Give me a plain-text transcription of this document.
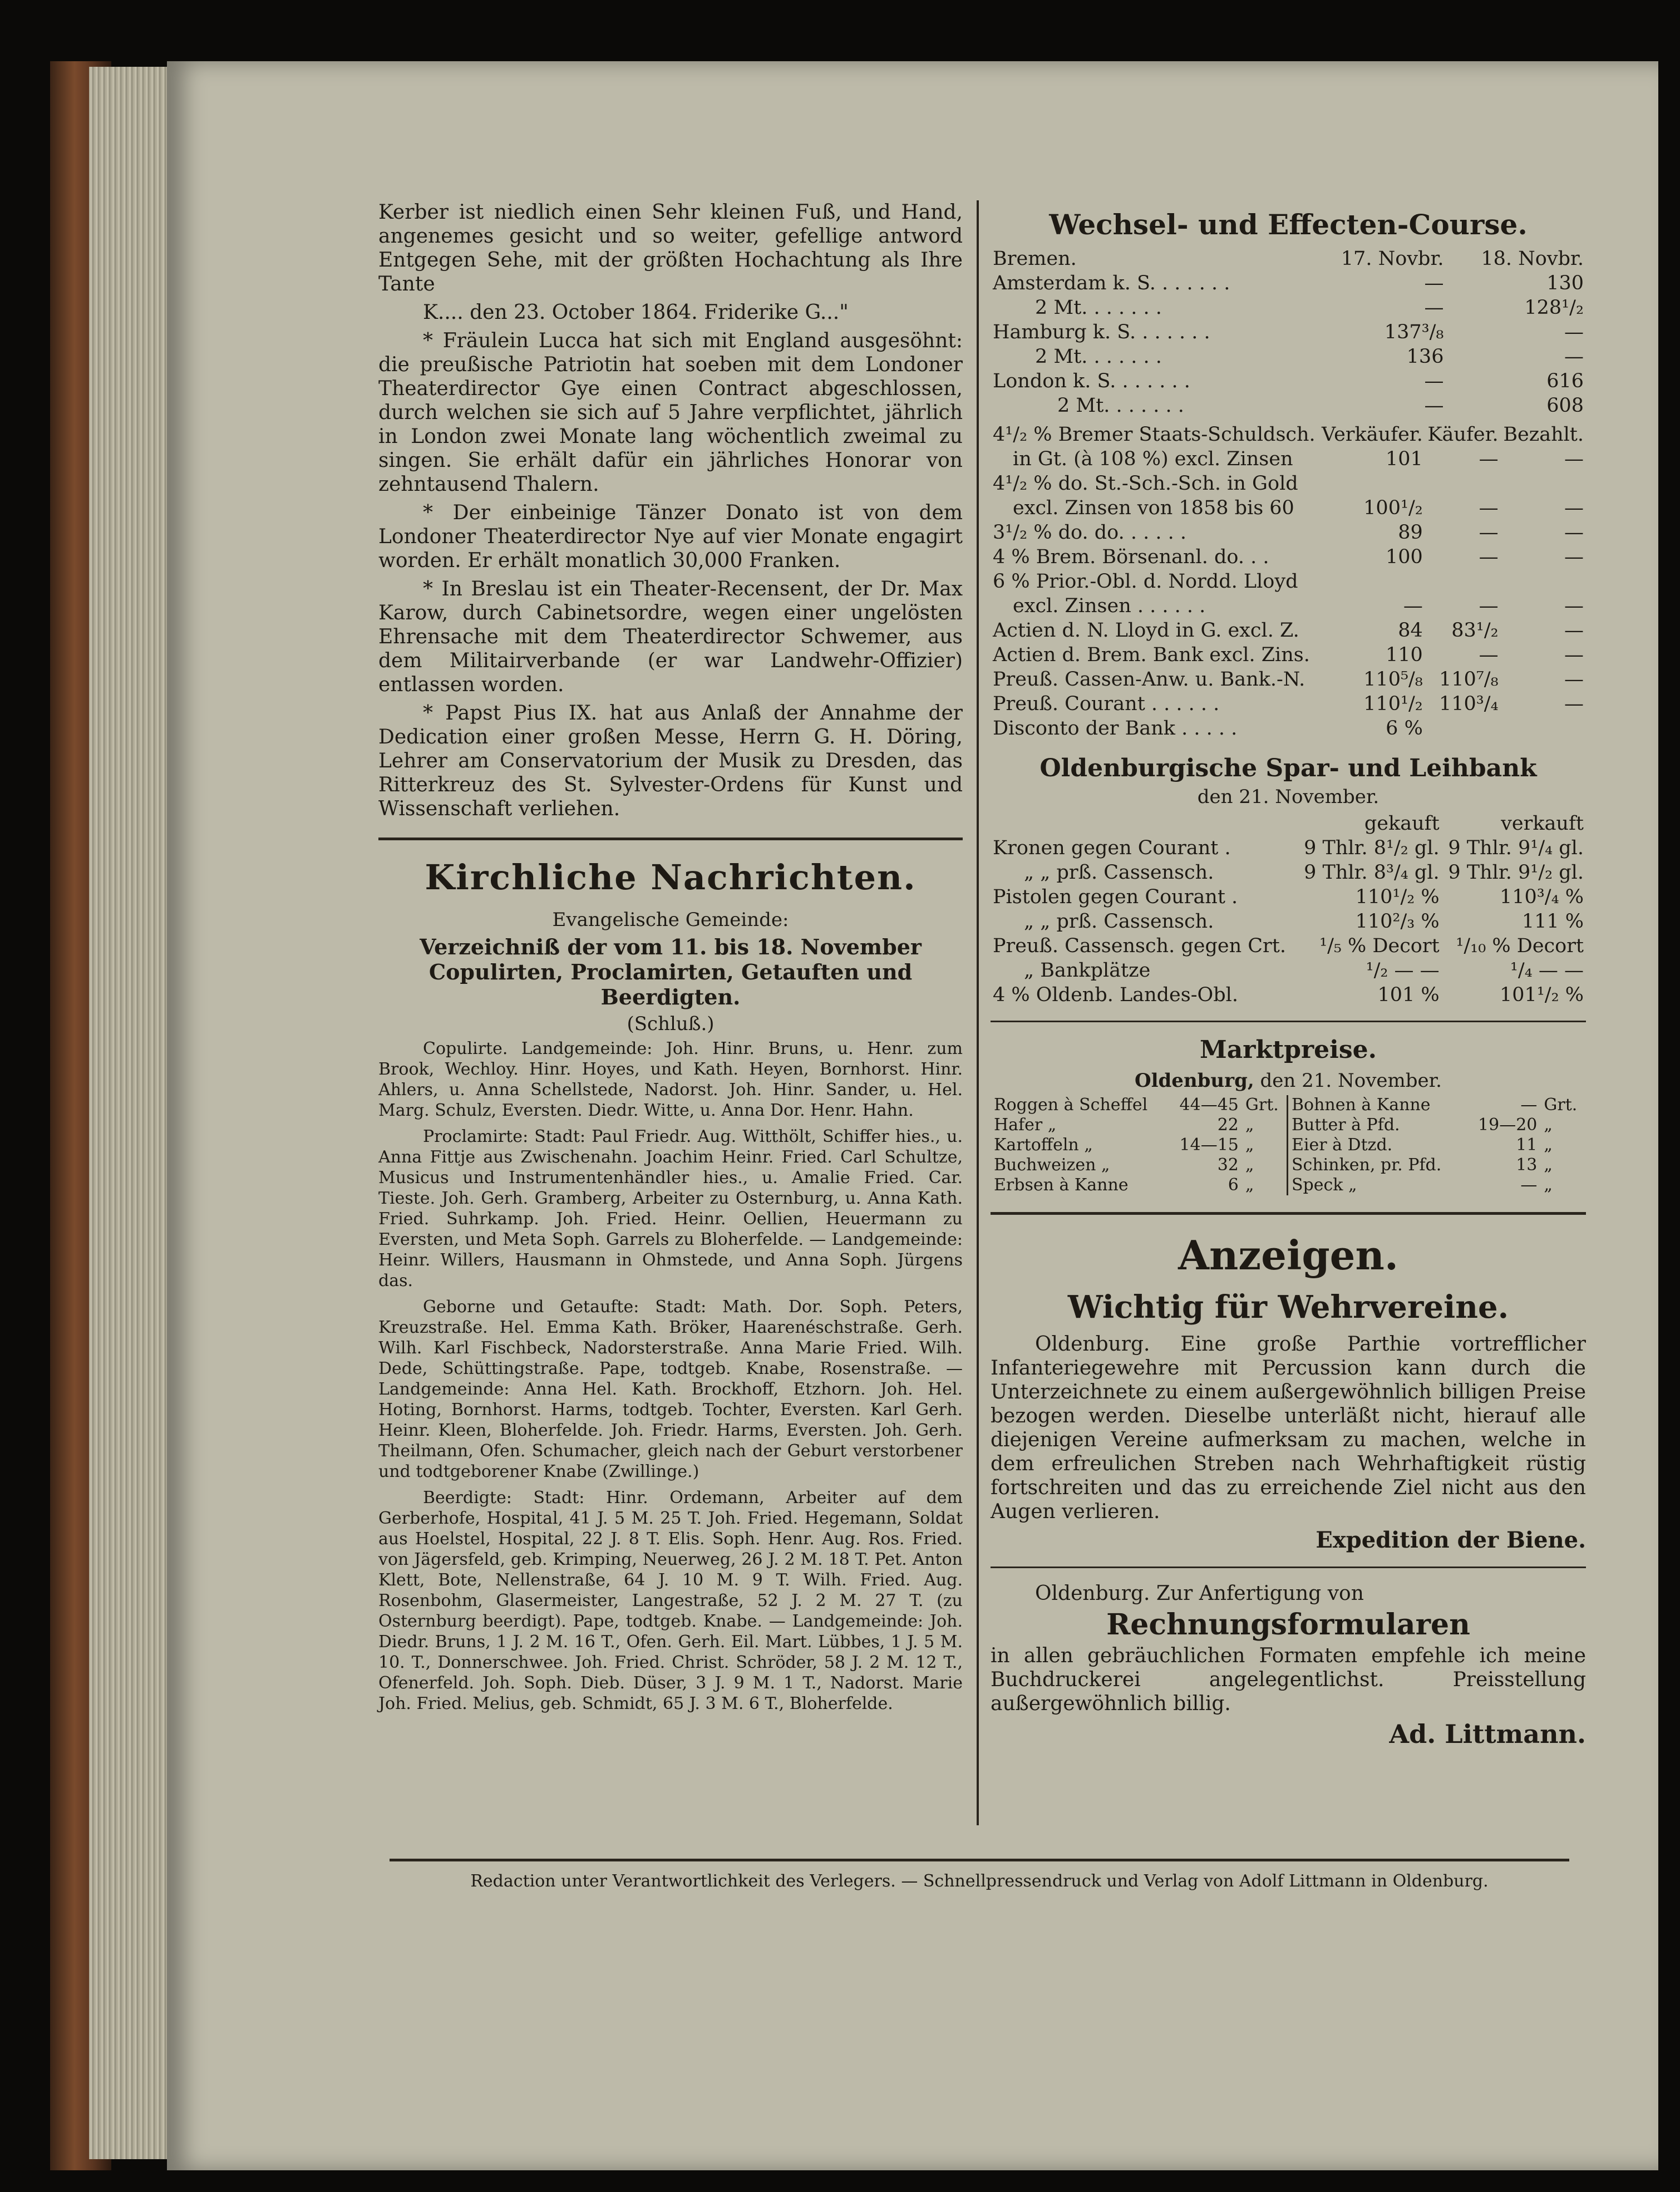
Kerber ist niedlich einen Sehr kleinen Fuß, und Hand, angenemes gesicht und so weiter, gefellige antword Entgegen Sehe, mit der größten Hochachtung als Ihre Tante

K.... den 23. October 1864. Friderike G..."

* Fräulein Lucca hat sich mit England ausgesöhnt: die preußische Patriotin hat soeben mit dem Londoner Theaterdirector Gye einen Contract abgeschlossen, durch welchen sie sich auf 5 Jahre verpflichtet, jährlich in London zwei Monate lang wöchentlich zweimal zu singen. Sie erhält dafür ein jährliches Honorar von zehntausend Thalern.

* Der einbeinige Tänzer Donato ist von dem Londoner Theaterdirector Nye auf vier Monate engagirt worden. Er erhält monatlich 30,000 Franken.

* In Breslau ist ein Theater-Recensent, der Dr. Max Karow, durch Cabinetsordre, wegen einer ungelösten Ehrensache mit dem Theaterdirector Schwemer, aus dem Militairverbande (er war Landwehr-Offizier) entlassen worden.

* Papst Pius IX. hat aus Anlaß der Annahme der Dedication einer großen Messe, Herrn G. H. Döring, Lehrer am Conservatorium der Musik zu Dresden, das Ritterkreuz des St. Sylvester-Ordens für Kunst und Wissenschaft verliehen.

Kirchliche Nachrichten.
Evangelische Gemeinde:
Verzeichniß der vom 11. bis 18. November Copulirten, Proclamirten, Getauften und Beerdigten.
(Schluß.)

Copulirte. Landgemeinde: Joh. Hinr. Bruns, u. Henr. zum Brook, Wechloy. Hinr. Hoyes, und Kath. Heyen, Bornhorst. Hinr. Ahlers, u. Anna Schellstede, Nadorst. Joh. Hinr. Sander, u. Hel. Marg. Schulz, Eversten. Diedr. Witte, u. Anna Dor. Henr. Hahn.

Proclamirte: Stadt: Paul Friedr. Aug. Witthölt, Schiffer hies., u. Anna Fittje aus Zwischenahn. Joachim Heinr. Fried. Carl Schultze, Musicus und Instrumentenhändler hies., u. Amalie Fried. Car. Tieste. Joh. Gerh. Gramberg, Arbeiter zu Osternburg, u. Anna Kath. Fried. Suhrkamp. Joh. Fried. Heinr. Oellien, Heuermann zu Eversten, und Meta Soph. Garrels zu Bloherfelde. — Landgemeinde: Heinr. Willers, Hausmann in Ohmstede, und Anna Soph. Jürgens das.

Geborne und Getaufte: Stadt: Math. Dor. Soph. Peters, Kreuzstraße. Hel. Emma Kath. Bröker, Haarenéschstraße. Gerh. Wilh. Karl Fischbeck, Nadorsterstraße. Anna Marie Fried. Wilh. Dede, Schüttingstraße. Pape, todtgeb. Knabe, Rosenstraße. — Landgemeinde: Anna Hel. Kath. Brockhoff, Etzhorn. Joh. Hel. Hoting, Bornhorst. Harms, todtgeb. Tochter, Eversten. Karl Gerh. Heinr. Kleen, Bloherfelde. Joh. Friedr. Harms, Eversten. Joh. Gerh. Theilmann, Ofen. Schumacher, gleich nach der Geburt verstorbener und todtgeborener Knabe (Zwillinge.)

Beerdigte: Stadt: Hinr. Ordemann, Arbeiter auf dem Gerberhofe, Hospital, 41 J. 5 M. 25 T. Joh. Fried. Hegemann, Soldat aus Hoelstel, Hospital, 22 J. 8 T. Elis. Soph. Henr. Aug. Ros. Fried. von Jägersfeld, geb. Krimping, Neuerweg, 26 J. 2 M. 18 T. Pet. Anton Klett, Bote, Nellenstraße, 64 J. 10 M. 9 T. Wilh. Fried. Aug. Rosenbohm, Glasermeister, Langestraße, 52 J. 2 M. 27 T. (zu Osternburg beerdigt). Pape, todtgeb. Knabe. — Landgemeinde: Joh. Diedr. Bruns, 1 J. 2 M. 16 T., Ofen. Gerh. Eil. Mart. Lübbes, 1 J. 5 M. 10. T., Donnerschwee. Joh. Fried. Christ. Schröder, 58 J. 2 M. 12 T., Ofenerfeld. Joh. Soph. Dieb. Düser, 3 J. 9 M. 1 T., Nadorst. Marie Joh. Fried. Melius, geb. Schmidt, 65 J. 3 M. 6 T., Bloherfelde.

Wechsel- und Effecten-Course.
Bremen.	17. Novbr.	18. Novbr.
Amsterdam k. S. . . . . . .	—	130
2 Mt. . . . . . .	—	128¹/₂
Hamburg k. S. . . . . . .	137³/₈	—
2 Mt. . . . . . .	136	—
London k. S. . . . . . .	—	616
2 Mt. . . . . . .	—	608
4¹/₂ % Bremer Staats-Schuldsch.	Verkäufer.	Käufer.	Bezahlt.
in Gt. (à 108 %) excl. Zinsen	101	—	—
4¹/₂ % do. St.-Sch.-Sch. in Gold			
excl. Zinsen von 1858 bis 60	100¹/₂	—	—
3¹/₂ % do. do. . . . . .	89	—	—
4 % Brem. Börsenanl. do. . .	100	—	—
6 % Prior.-Obl. d. Nordd. Lloyd			
excl. Zinsen . . . . . .	—	—	—
Actien d. N. Lloyd in G. excl. Z.	84	83¹/₂	—
Actien d. Brem. Bank excl. Zins.	110	—	—
Preuß. Cassen-Anw. u. Bank.-N.	110⁵/₈	110⁷/₈	—
Preuß. Courant . . . . . .	110¹/₂	110³/₄	—
Disconto der Bank . . . . .	6 %		
Oldenburgische Spar- und Leihbank
den 21. November.
	gekauft	verkauft
Kronen gegen Courant .	9 Thlr. 8¹/₂ gl.	9 Thlr. 9¹/₄ gl.
„ „ prß. Cassensch.	9 Thlr. 8³/₄ gl.	9 Thlr. 9¹/₂ gl.
Pistolen gegen Courant .	110¹/₂ %	110³/₄ %
„ „ prß. Cassensch.	110²/₃ %	111 %
Preuß. Cassensch. gegen Crt.	¹/₅ % Decort	¹/₁₀ % Decort
„ Bankplätze	¹/₂ — —	¹/₄ — —
4 % Oldenb. Landes-Obl.	101 %	101¹/₂ %
Marktpreise.
Oldenburg, den 21. November.
Roggen à Scheffel	44—45	Grt.
Hafer „	22	„
Kartoffeln „	14—15	„
Buchweizen „	32	„
Erbsen à Kanne	6	„
Bohnen à Kanne	—	Grt.
Butter à Pfd.	19—20	„
Eier à Dtzd.	11	„
Schinken, pr. Pfd.	13	„
Speck „	—	„
Anzeigen.
Wichtig für Wehrvereine.

Oldenburg. Eine große Parthie vortrefflicher Infanteriegewehre mit Percussion kann durch die Unterzeichnete zu einem außergewöhnlich billigen Preise bezogen werden. Dieselbe unterläßt nicht, hierauf alle diejenigen Vereine aufmerksam zu machen, welche in dem erfreulichen Streben nach Wehrhaftigkeit rüstig fortschreiten und das zu erreichende Ziel nicht aus den Augen verlieren.

Expedition der Biene.

Oldenburg. Zur Anfertigung von

Rechnungsformularen

in allen gebräuchlichen Formaten empfehle ich meine Buchdruckerei angelegentlichst. Preisstellung außergewöhnlich billig.

Ad. Littmann.
Redaction unter Verantwortlichkeit des Verlegers. — Schnellpressendruck und Verlag von Adolf Littmann in Oldenburg.
